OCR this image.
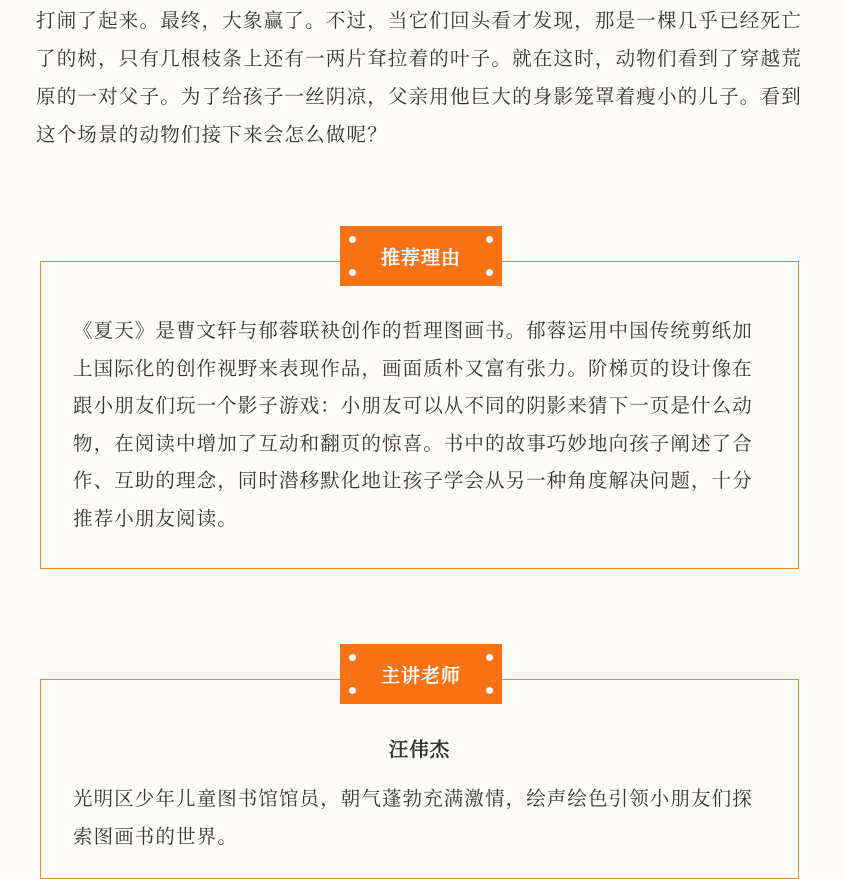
打闹了起来。最终，大象赢了。不过，当它们回头看才发现，那是一棵几乎已经死亡了的树，只有几根枝条上还有一两片耷拉着的叶子。就在这时，动物们看到了穿越荒原的一对父子。为了给孩子一丝阴凉，父亲用他巨大的身影笼罩着瘦小的儿子。看到这个场景的动物们接下来会怎么做呢？

《夏天》是曹文轩与郁蓉联袂创作的哲理图画书。郁蓉运用中国传统剪纸加上国际化的创作视野来表现作品，画面质朴又富有张力。阶梯页的设计像在跟小朋友们玩一个影子游戏：小朋友可以从不同的阴影来猜下一页是什么动物，在阅读中增加了互动和翻页的惊喜。书中的故事巧妙地向孩子阐述了合作、互助的理念，同时潜移默化地让孩子学会从另一种角度解决问题，十分推荐小朋友阅读。

推荐理由

汪伟杰

光明区少年儿童图书馆馆员，朝气蓬勃充满激情，绘声绘色引领小朋友们探索图画书的世界。

主讲老师
